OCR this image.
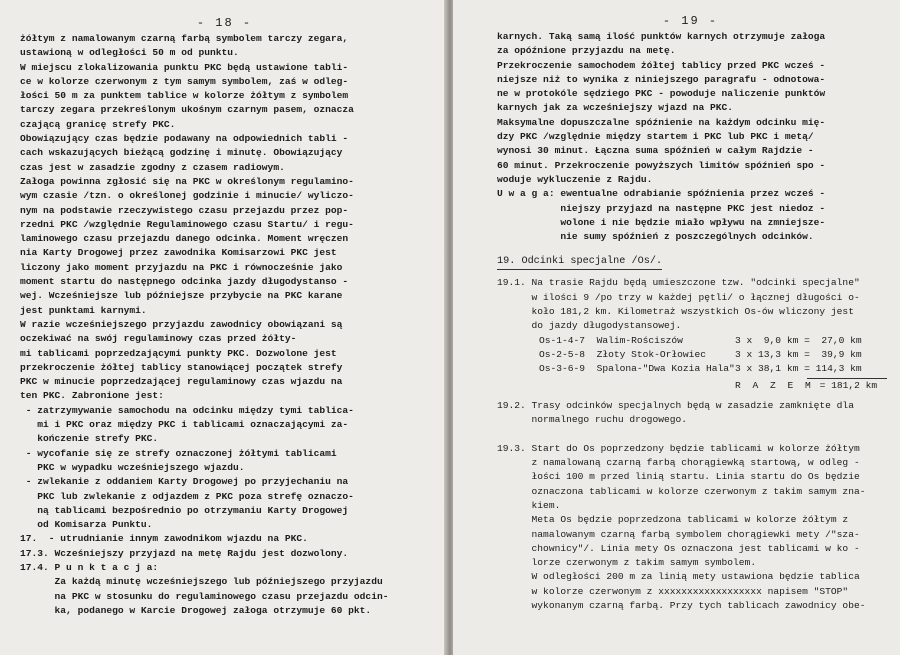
- 18 -
żółtym z namalowanym czarną farbą symbolem tarczy zegara,
ustawioną w odległości 50 m od punktu.
W miejscu zlokalizowania punktu PKC będą ustawione tabli-
ce w kolorze czerwonym z tym samym symbolem, zaś w odleg-
łości 50 m za punktem tablice w kolorze żółtym z symbolem
tarczy zegara przekreślonym ukośnym czarnym pasem, oznacza
czającą granicę strefy PKC.
Obowiązujący czas będzie podawany na odpowiednich tabli -
cach wskazujących bieżącą godzinę i minutę. Obowiązujący
czas jest w zasadzie zgodny z czasem radiowym.
Załoga powinna zgłosić się na PKC w określonym regulamino-
wym czasie /tzn. o określonej godzinie i minucie/ wyliczo-
nym na podstawie rzeczywistego czasu przejazdu przez pop-
rzedni PKC /względnie Regulaminowego czasu Startu/ i regu-
laminowego czasu przejazdu danego odcinka. Moment wręczen
nia Karty Drogowej przez zawodnika Komisarzowi PKC jest
liczony jako moment przyjazdu na PKC i równocześnie jako
moment startu do następnego odcinka jazdy długodystanso -
wej. Wcześniejsze lub późniejsze przybycie na PKC karane
jest punktami karnymi.
W razie wcześniejszego przyjazdu zawodnicy obowiązani są
oczekiwać na swój regulaminowy czas przed żółty-
mi tablicami poprzedzającymi punkty PKC. Dozwolone jest
przekroczenie żółtej tablicy stanowiącej początek strefy
PKC w minucie poprzedzającej regulaminowy czas wjazdu na
ten PKC. Zabronione jest:
- zatrzymywanie samochodu na odcinku między tymi tablica-
mi i PKC oraz między PKC i tablicami oznaczającymi za-
kończenie strefy PKC.
- wycofanie się ze strefy oznaczonej żółtymi tablicami
PKC w wypadku wcześniejszego wjazdu.
- zwlekanie z oddaniem Karty Drogowej po przyjechaniu na
PKC lub zwlekanie z odjazdem z PKC poza strefę oznaczo-
ną tablicami bezpośrednio po otrzymaniu Karty Drogowej
od Komisarza Punktu.
17.  - utrudnianie innym zawodnikom wjazdu na PKC.
17.3. Wcześniejszy przyjazd na metę Rajdu jest dozwolony.
17.4. P u n k t a c j a:
Za każdą minutę wcześniejszego lub późniejszego przyjazdu
na PKC w stosunku do regulaminowego czasu przejazdu odcin-
ka, podanego w Karcie Drogowej załoga otrzymuje 60 pkt.
- 19 -
karnych. Taką samą ilość punktów karnych otrzymuje załoga
za opóźnione przyjazdu na metę.
Przekroczenie samochodem żółtej tablicy przed PKC wcześ -
niejsze niż to wynika z niniejszego paragrafu - odnotowa-
ne w protokóle sędziego PKC - powoduje naliczenie punktów
karnych jak za wcześniejszy wjazd na PKC.
Maksymalne dopuszczalne spóźnienie na każdym odcinku mię-
dzy PKC /względnie między startem i PKC lub PKC i metą/
wynosi 30 minut. Łączna suma spóźnień w całym Rajdzie -
60 minut. Przekroczenie powyższych limitów spóźnień spo -
woduje wykluczenie z Rajdu.
U w a g a: ewentualne odrabianie spóźnienia przez wcześ -
niejszy przyjazd na następne PKC jest niedoz -
wolone i nie będzie miało wpływu na zmniejsze-
nie sumy spóźnień z poszczególnych odcinków.
19. Odcinki specjalne /Os/.
19.1. Na trasie Rajdu będą umieszczone tzw. "odcinki specjalne"
w ilości 9 /po trzy w każdej pętli/ o łącznej długości o-
koło 181,2 km. Kilometraż wszystkich Os-ów wliczony jest
do jazdy długodystansowej.
Os-1-4-7  Walim-Rościszów	3 x  9,0 km =  27,0 km
Os-2-5-8  Złoty Stok-Orłowiec	3 x 13,3 km =  39,9 km
Os-3-6-9  Spalona-"Dwa Kozia Hala"3 x 38,1 km = 114,3 km
R A Z E M = 181,2 km
19.2. Trasy odcinków specjalnych będą w zasadzie zamknięte dla
normalnego ruchu drogowego.

19.3. Start do Os poprzedzony będzie tablicami w kolorze żółtym
z namalowaną czarną farbą chorągiewką startową, w odleg -
łości 100 m przed linią startu. Linia startu do Os będzie
oznaczona tablicami w kolorze czerwonym z takim samym zna-
kiem.
Meta Os będzie poprzedzona tablicami w kolorze żółtym z
namalowanym czarną farbą symbolem chorągiewki mety /"sza-
chownicy"/. Linia mety Os oznaczona jest tablicami w ko -
lorze czerwonym z takim samym symbolem.
W odległości 200 m za linią mety ustawiona będzie tablica
w kolorze czerwonym z xxxxxxxxxxxxxxxxxx napisem "STOP"
wykonanym czarną farbą. Przy tych tablicach zawodnicy obe-
